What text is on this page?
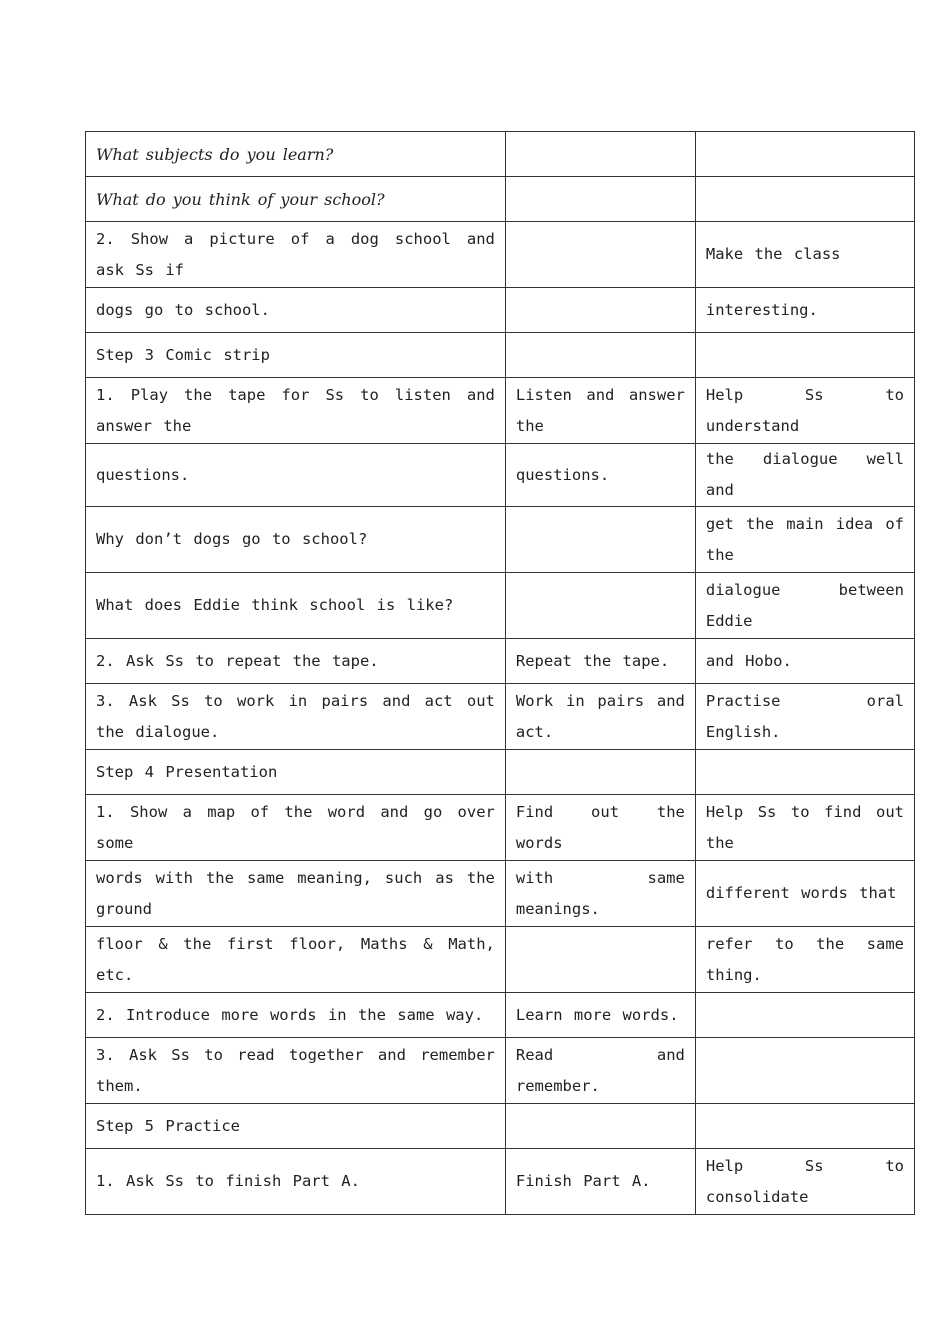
What subjects do you learn?		
What do you think of your school?		
2. Show a picture of a dog school and ask Ss if		Make the class
dogs go to school.		interesting.
Step 3 Comic strip		
1. Play the tape for Ss to listen and answer the	Listen and answer the	Help Ss to understand
questions.	questions.	the dialogue well and
Why don’t dogs go to school?		get the main idea of the
What does Eddie think school is like?		dialogue between Eddie
2. Ask Ss to repeat the tape.	Repeat the tape.	and Hobo.
3. Ask Ss to work in pairs and act out the dialogue.	Work in pairs and act.	Practise oral English.
Step 4 Presentation		
1. Show a map of the word and go over some	Find out the words	Help Ss to find out the
words with the same meaning, such as the ground	with same meanings.	different words that
floor & the first floor, Maths & Math, etc.		refer to the same thing.
2. Introduce more words in the same way.	Learn more words.	
3. Ask Ss to read together and remember them.	Read and remember.	
Step 5 Practice		
1. Ask Ss to finish Part A.	Finish Part A.	Help Ss to consolidate
